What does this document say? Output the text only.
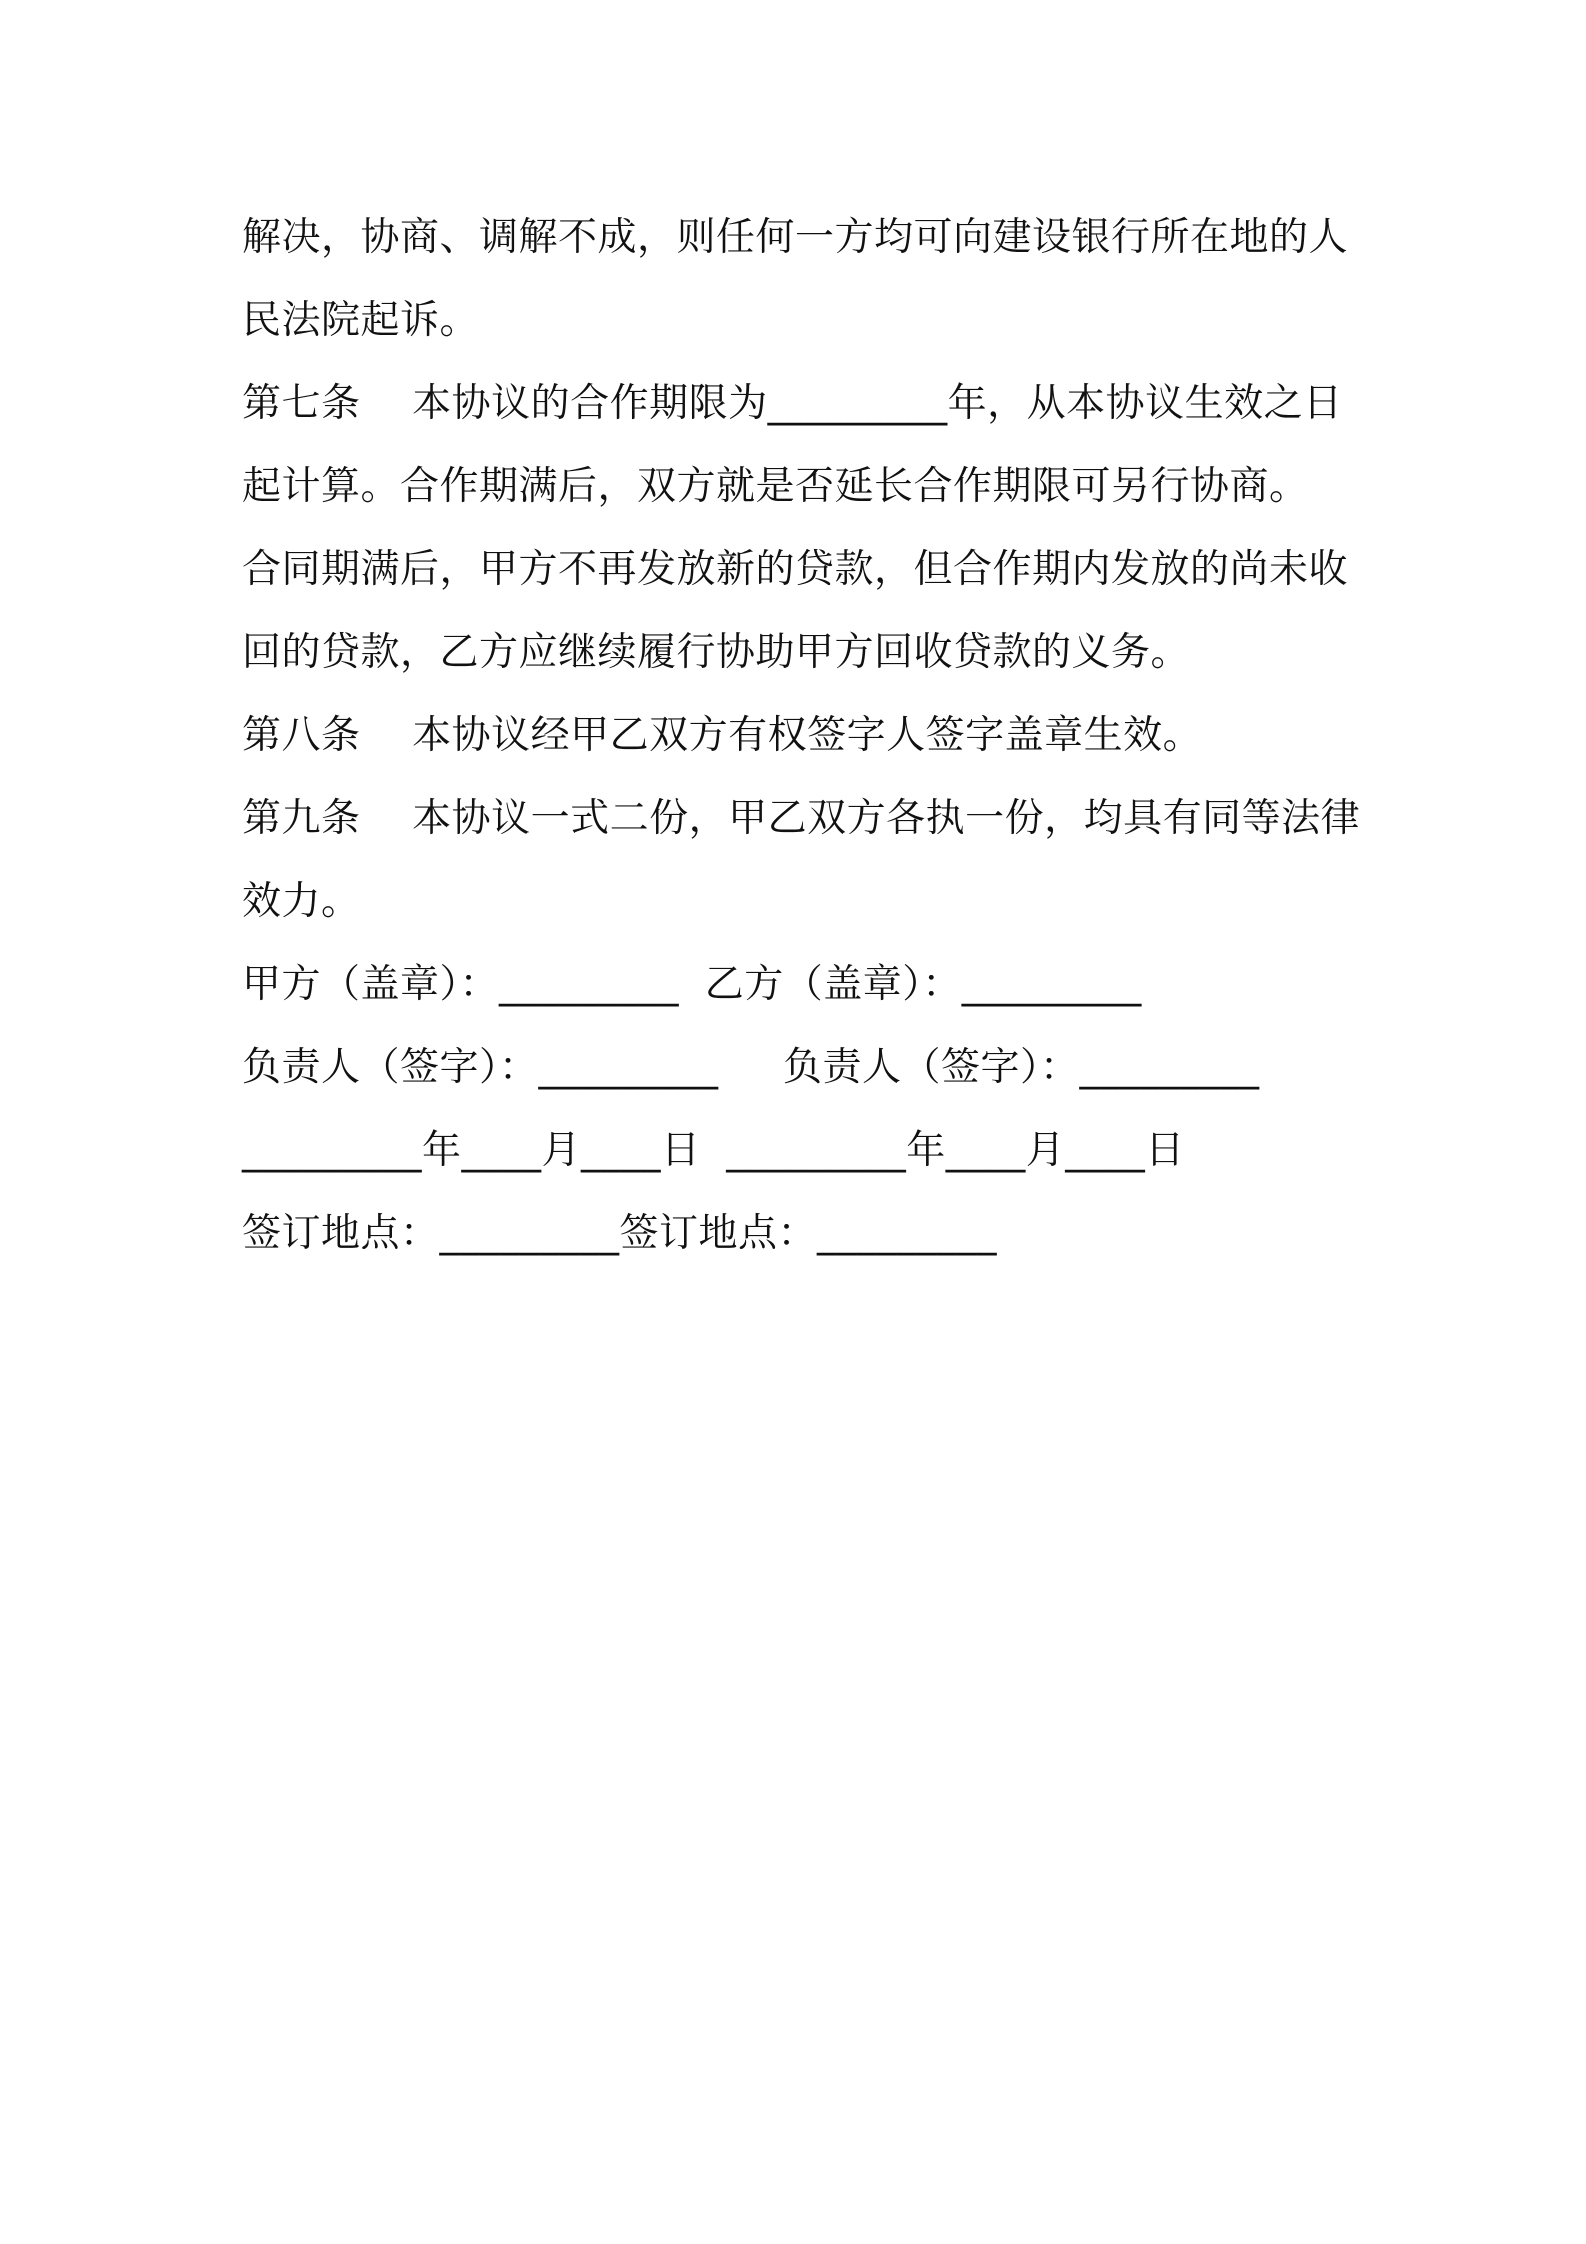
解决，协商、调解不成，则任何一方均可向建设银行所在地的人
民法院起诉。
第七条    本协议的合作期限为_________年，从本协议生效之日
起计算。合作期满后，双方就是否延长合作期限可另行协商。
合同期满后，甲方不再发放新的贷款，但合作期内发放的尚未收
回的贷款，乙方应继续履行协助甲方回收贷款的义务。
第八条    本协议经甲乙双方有权签字人签字盖章生效。
第九条    本协议一式二份，甲乙双方各执一份，均具有同等法律
效力。
甲方（盖章）：_________  乙方（盖章）：_________
负责人（签字）：_________     负责人（签字）：_________
_________年____月____日  _________年____月____日
签订地点：_________签订地点：_________
